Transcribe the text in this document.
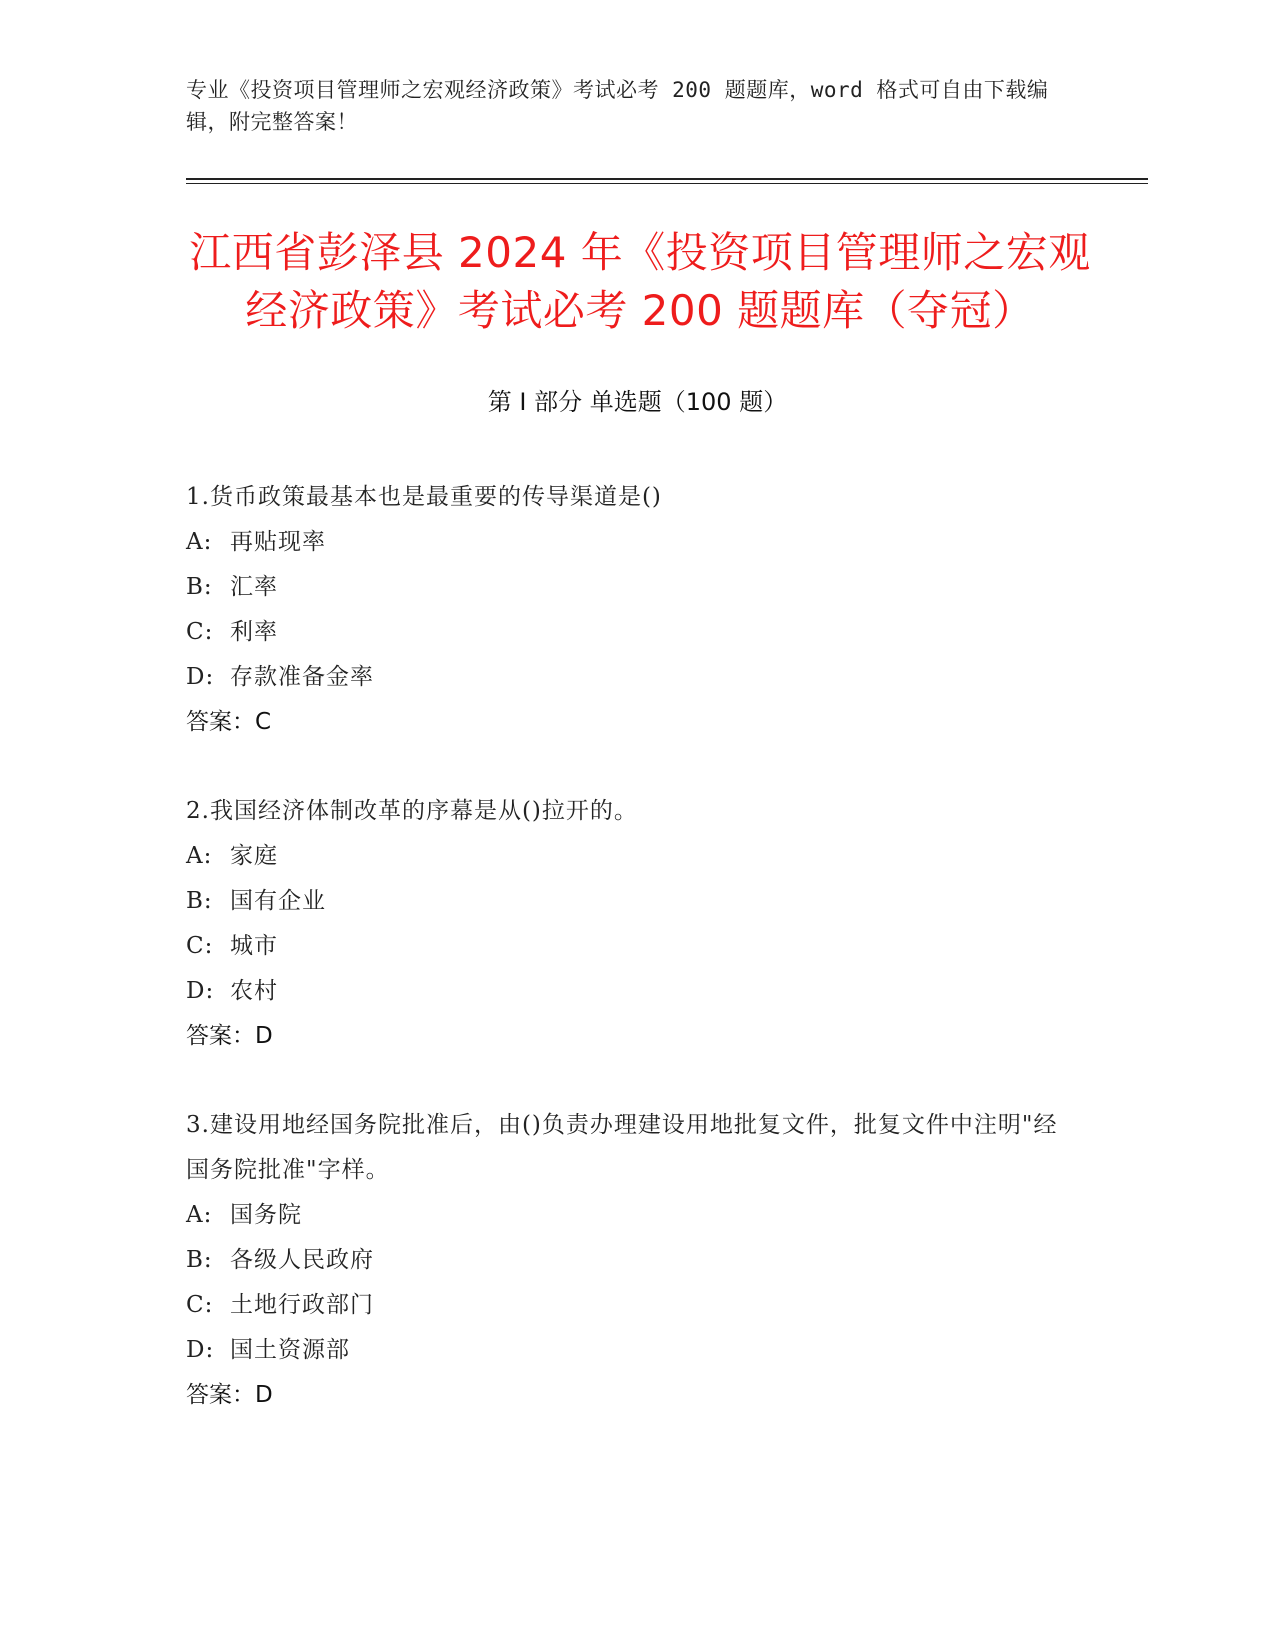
专业《投资项目管理师之宏观经济政策》考试必考 200 题题库，word 格式可自由下载编辑，附完整答案！
江西省彭泽县 2024 年《投资项目管理师之宏观经济政策》考试必考 200 题题库（夺冠）
第 I 部分 单选题（100 题）
1.货币政策最基本也是最重要的传导渠道是()
A: 再贴现率
B: 汇率
C: 利率
D: 存款准备金率
答案：C
2.我国经济体制改革的序幕是从()拉开的。
A: 家庭
B: 国有企业
C: 城市
D: 农村
答案：D
3.建设用地经国务院批准后，由()负责办理建设用地批复文件，批复文件中注明"经国务院批准"字样。
A: 国务院
B: 各级人民政府
C: 土地行政部门
D: 国土资源部
答案：D
